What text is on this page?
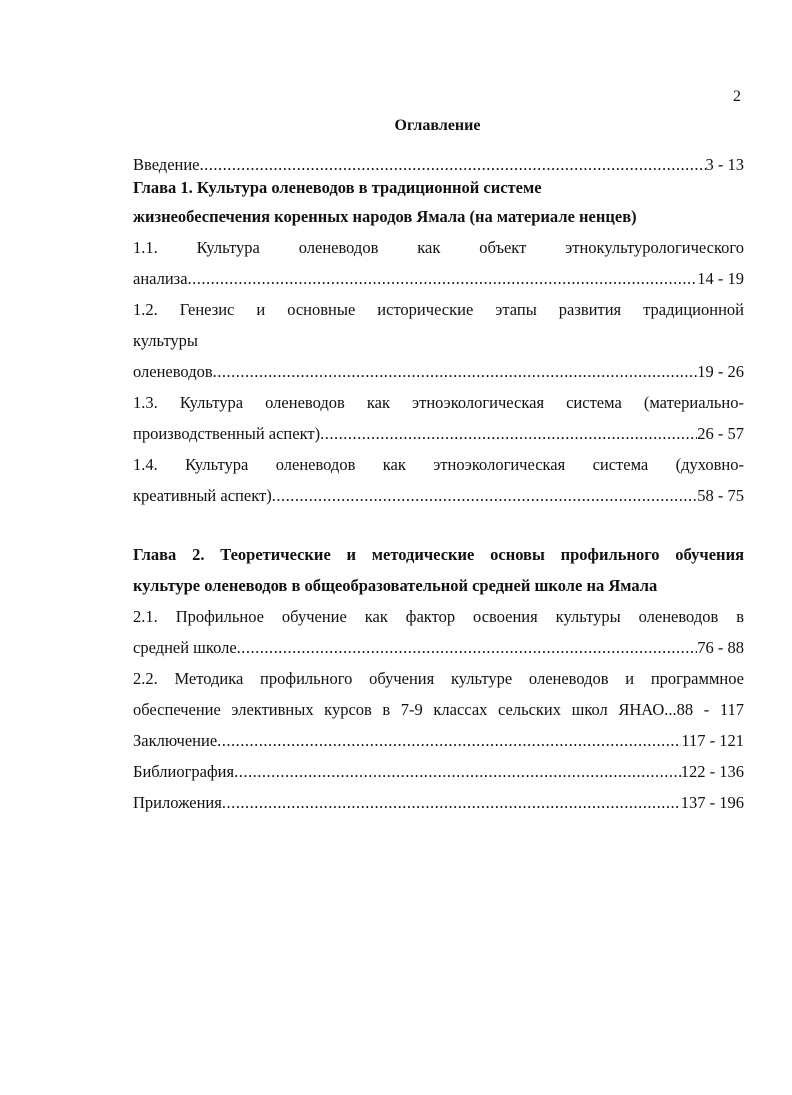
2
Оглавление
Введение .....	3 - 13
Глава 1. Культура оленеводов в традиционной системе
жизнеобеспечения коренных народов Ямала (на материале ненцев)
1.1. Культура оленеводов как объект этнокультурологического
анализа .....	14 - 19
1.2. Генезис и основные исторические этапы развития традиционной
культуры
оленеводов .....	19 - 26
1.3. Культура оленеводов как этноэкологическая система (материально-
производственный аспект) .....	26 - 57
1.4. Культура оленеводов как этноэкологическая система (духовно-
креативный аспект) .....	58 - 75
Глава 2. Теоретические и методические основы профильного обучения
культуре оленеводов в общеобразовательной средней школе на Ямала
2.1. Профильное обучение как фактор освоения культуры оленеводов в
средней школе .....	76 - 88
2.2. Методика профильного обучения культуре оленеводов и программное
обеспечение элективных курсов в 7-9 классах сельских школ ЯНАО...88 - 117
Заключение .....	117 - 121
Библиография .....	122 - 136
Приложения .....	137 - 196
